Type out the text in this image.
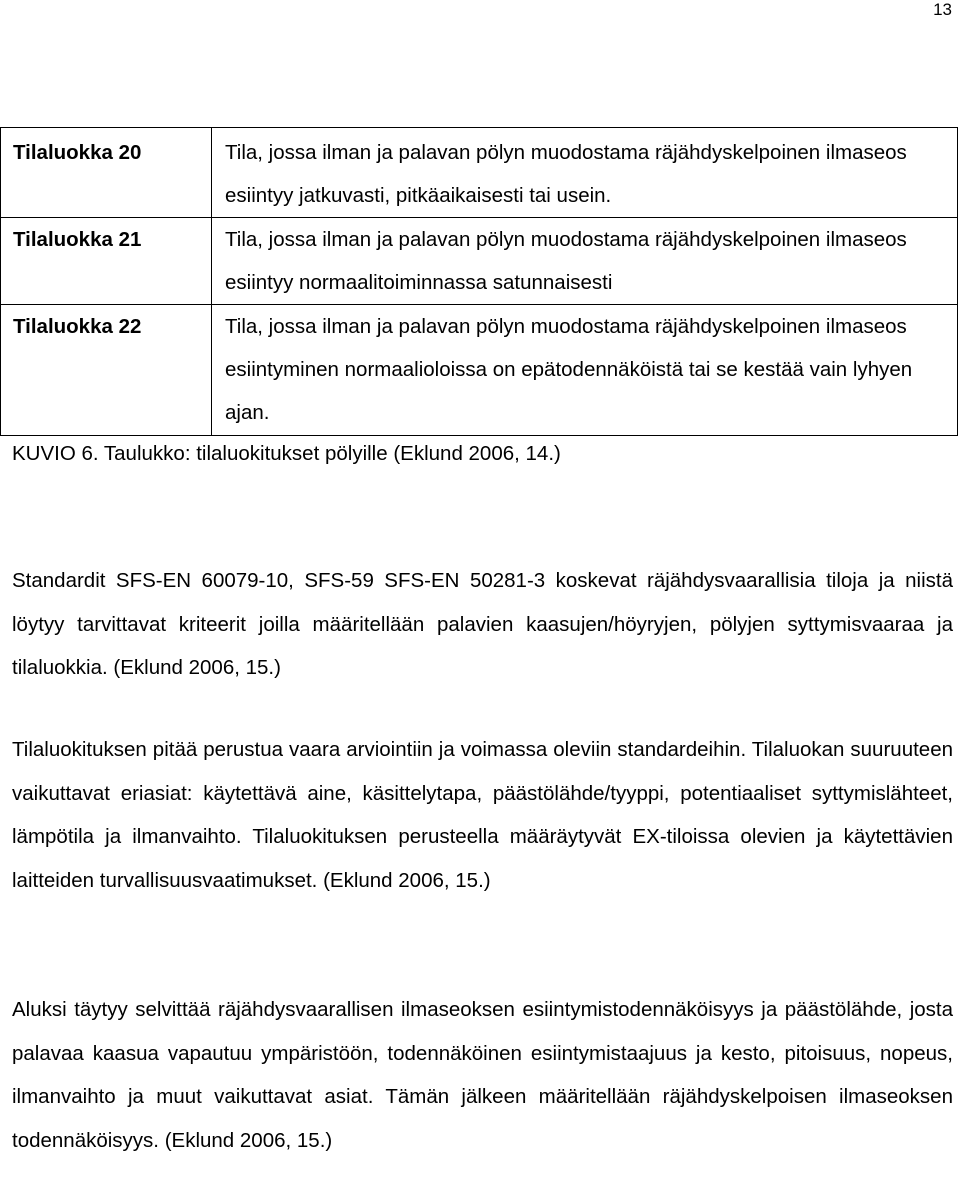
13
Tilaluokka 20	Tila, jossa ilman ja palavan pölyn muodostama räjähdyskelpoinen ilmaseos esiintyy jatkuvasti, pitkäaikaisesti tai usein.
Tilaluokka 21	Tila, jossa ilman ja palavan pölyn muodostama räjähdyskelpoinen ilmaseos esiintyy normaalitoiminnassa satunnaisesti
Tilaluokka 22	Tila, jossa ilman ja palavan pölyn muodostama räjähdyskelpoinen ilmaseos esiintyminen normaalioloissa on epätodennäköistä tai se kestää vain lyhyen ajan.
KUVIO 6. Taulukko: tilaluokitukset pölyille (Eklund 2006, 14.)

Standardit SFS-EN 60079-10, SFS-59 SFS-EN 50281-3 koskevat räjähdysvaarallisia tiloja ja niistä löytyy tarvittavat kriteerit joilla määritellään palavien kaasujen/höyryjen, pölyjen syttymisvaaraa ja tilaluokkia. (Eklund 2006, 15.)

Tilaluokituksen pitää perustua vaara arviointiin ja voimassa oleviin standardeihin. Tilaluokan suuruuteen vaikuttavat eriasiat: käytettävä aine, käsittelytapa, päästölähde/tyyppi, potentiaaliset syttymislähteet, lämpötila ja ilmanvaihto. Tilaluokituksen perusteella määräytyvät EX-tiloissa olevien ja käytettävien laitteiden turvallisuusvaatimukset. (Eklund 2006, 15.)

Aluksi täytyy selvittää räjähdysvaarallisen ilmaseoksen esiintymistodennäköisyys ja päästölähde, josta palavaa kaasua vapautuu ympäristöön, todennäköinen esiintymistaajuus ja kesto, pitoisuus, nopeus, ilmanvaihto ja muut vaikuttavat asiat. Tämän jälkeen määritellään räjähdyskelpoisen ilmaseoksen todennäköisyys. (Eklund 2006, 15.)
